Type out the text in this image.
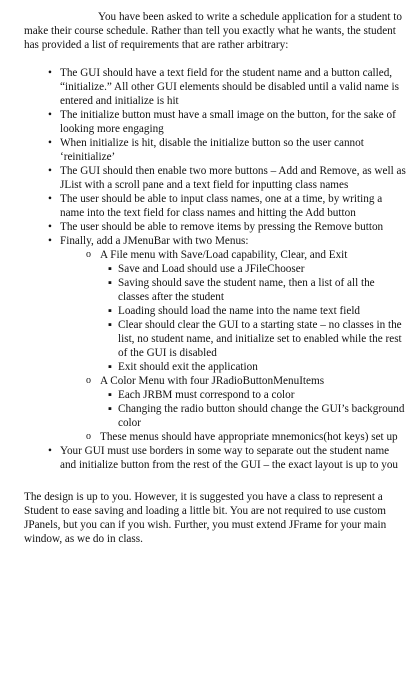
You have been asked to write a schedule application for a student to make their course schedule. Rather than tell you exactly what he wants, the student has provided a list of requirements that are rather arbitrary:

• The GUI should have a text field for the student name and a button called, “initialize.” All other GUI elements should be disabled until a valid name is entered and initialize is hit
• The initialize button must have a small image on the button, for the sake of looking more engaging
• When initialize is hit, disable the initialize button so the user cannot ‘reinitialize’
• The GUI should then enable two more buttons – Add and Remove, as well as JList with a scroll pane and a text field for inputting class names
• The user should be able to input class names, one at a time, by writing a name into the text field for class names and hitting the Add button
• The user should be able to remove items by pressing the Remove button
• Finally, add a JMenuBar with two Menus:
o A File menu with Save/Load capability, Clear, and Exit
▪ Save and Load should use a JFileChooser
▪ Saving should save the student name, then a list of all the classes after the student
▪ Loading should load the name into the name text field
▪ Clear should clear the GUI to a starting state – no classes in the list, no student name, and initialize set to enabled while the rest of the GUI is disabled
▪ Exit should exit the application
o A Color Menu with four JRadioButtonMenuItems
▪ Each JRBM must correspond to a color
▪ Changing the radio button should change the GUI’s background color
o These menus should have appropriate mnemonics(hot keys) set up
• Your GUI must use borders in some way to separate out the student name and initialize button from the rest of the GUI – the exact layout is up to you

The design is up to you. However, it is suggested you have a class to represent a Student to ease saving and loading a little bit. You are not required to use custom JPanels, but you can if you wish. Further, you must extend JFrame for your main window, as we do in class.
